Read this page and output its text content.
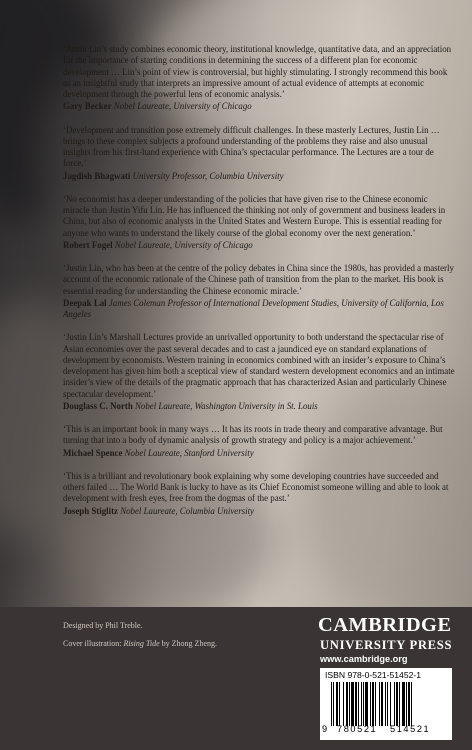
‘Justin Lin’s study combines economic theory, institutional knowledge, quantitative data, and an appreciation for the importance of starting conditions in determining the success of a different plan for economic development … Lin’s point of view is controversial, but highly stimulating. I strongly recommend this book as an insightful study that interprets an impressive amount of actual evidence of attempts at economic development through the powerful lens of economic analysis.’

Gary Becker Nobel Laureate, University of Chicago

‘Development and transition pose extremely difficult challenges. In these masterly Lectures, Justin Lin … brings to these complex subjects a profound understanding of the problems they raise and also unusual insights from his first-hand experience with China’s spectacular performance. The Lectures are a tour de force.’

Jagdish Bhagwati University Professor, Columbia University

‘No economist has a deeper understanding of the policies that have given rise to the Chinese economic miracle than Justin Yifu Lin. He has influenced the thinking not only of government and business leaders in China, but also of economic analysts in the United States and Western Europe. This is essential reading for anyone who wants to understand the likely course of the global economy over the next generation.’

Robert Fogel Nobel Laureate, University of Chicago

‘Justin Lin, who has been at the centre of the policy debates in China since the 1980s, has provided a masterly account of the economic rationale of the Chinese path of transition from the plan to the market. His book is essential reading for understanding the Chinese economic miracle.’

Deepak Lal James Coleman Professor of International Development Studies, University of California, Los Angeles

‘Justin Lin’s Marshall Lectures provide an unrivalled opportunity to both understand the spectacular rise of Asian economies over the past several decades and to cast a jaundiced eye on standard explanations of development by economists. Western training in economics combined with an insider’s exposure to China’s development has given him both a sceptical view of standard western development economics and an intimate insider’s view of the details of the pragmatic approach that has characterized Asian and particularly Chinese spectacular development.’

Douglass C. North Nobel Laureate, Washington University in St. Louis

‘This is an important book in many ways … It has its roots in trade theory and comparative advantage. But turning that into a body of dynamic analysis of growth strategy and policy is a major achievement.’

Michael Spence Nobel Laureate, Stanford University

‘This is a brilliant and revolutionary book explaining why some developing countries have succeeded and others failed … The World Bank is lucky to have as its Chief Economist someone willing and able to look at development with fresh eyes, free from the dogmas of the past.’

Joseph Stiglitz Nobel Laureate, Columbia University
Designed by Phil Treble.
Cover illustration: Rising Tide by Zhong Zheng.
CAMBRIDGE
UNIVERSITY PRESS
www.cambridge.org
ISBN 978-0-521-51452-1
9 780521 514521
